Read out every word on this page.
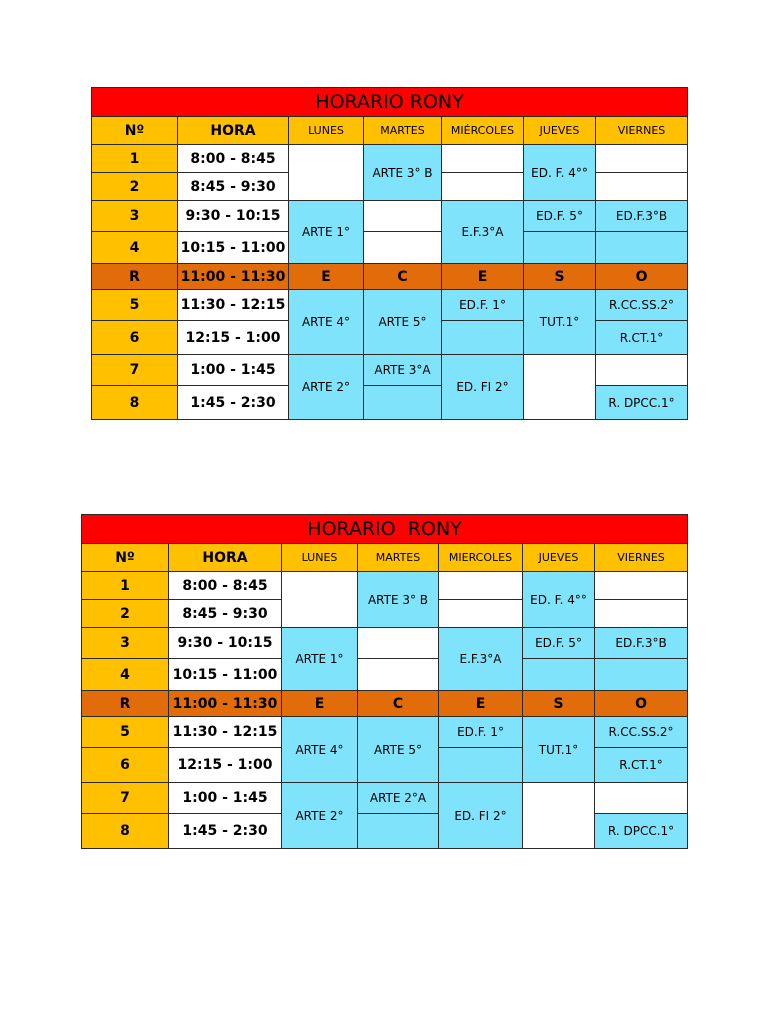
HORARIO RONY						
Nº	HORA	LUNES	MARTES	MIÉRCOLES	JUEVES	VIERNES
1	8:00 - 8:45		ARTE 3° B		ED. F. 4°°	
2	8:45 - 9:30					
3	9:30 - 10:15	ARTE 1°		E.F.3°A	ED.F. 5°	ED.F.3°B
4	10:15 - 11:00					
R	11:00 - 11:30	E	C	E	S	O
5	11:30 - 12:15	ARTE 4°	ARTE 5°	ED.F. 1°	TUT.1°	R.CC.SS.2°
6	12:15 - 1:00					R.CT.1°
7	1:00 - 1:45	ARTE 2°	ARTE 3°A	ED. FI 2°		
8	1:45 - 2:30					R. DPCC.1°
HORARIO  RONY						
Nº	HORA	LUNES	MARTES	MIERCOLES	JUEVES	VIERNES
1	8:00 - 8:45		ARTE 3° B		ED. F. 4°°	
2	8:45 - 9:30					
3	9:30 - 10:15	ARTE 1°		E.F.3°A	ED.F. 5°	ED.F.3°B
4	10:15 - 11:00					
R	11:00 - 11:30	E	C	E	S	O
5	11:30 - 12:15	ARTE 4°	ARTE 5°	ED.F. 1°	TUT.1°	R.CC.SS.2°
6	12:15 - 1:00					R.CT.1°
7	1:00 - 1:45	ARTE 2°	ARTE 2°A	ED. FI 2°		
8	1:45 - 2:30					R. DPCC.1°
